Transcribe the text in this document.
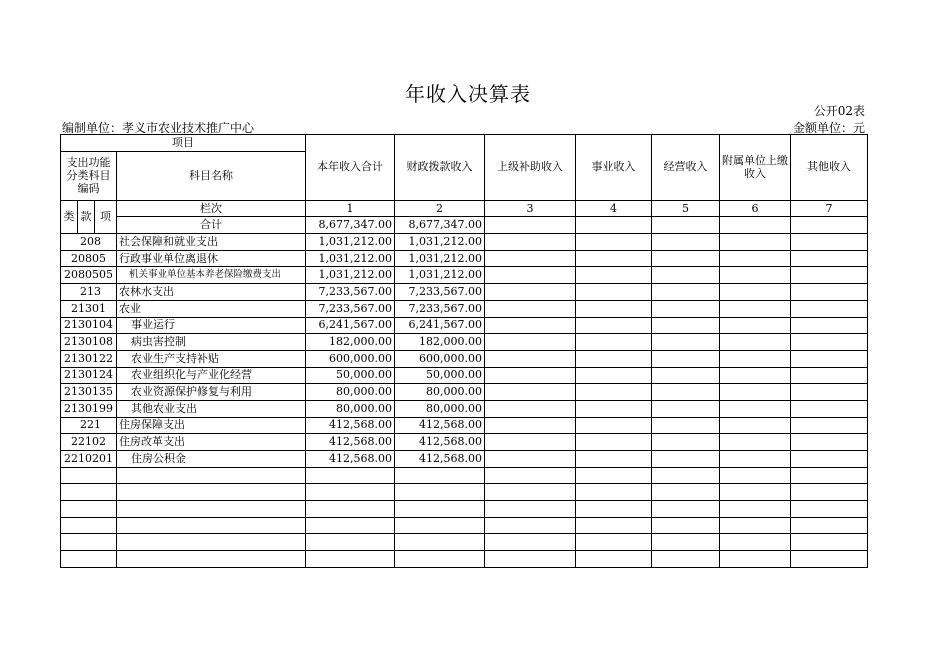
年收入决算表
公开02表
编制单位：孝义市农业技术推广中心	金额单位：元
项目				本年收入合计	财政拨款收入	上级补助收入	事业收入	经营收入	附属单位上缴收入	其他收入
支出功能分类科目编码			科目名称							

类	款	项	栏次	1	2	3	4	5	6	7
			合计	8,677,347.00	8,677,347.00					
208			社会保障和就业支出	1,031,212.00	1,031,212.00					
20805			行政事业单位离退休	1,031,212.00	1,031,212.00					
2080505			机关事业单位基本养老保险缴费支出	1,031,212.00	1,031,212.00					
213			农林水支出	7,233,567.00	7,233,567.00					
21301			农业	7,233,567.00	7,233,567.00					
2130104			事业运行	6,241,567.00	6,241,567.00					
2130108			病虫害控制	182,000.00	182,000.00					
2130122			农业生产支持补贴	600,000.00	600,000.00					
2130124			农业组织化与产业化经营	50,000.00	50,000.00					
2130135			农业资源保护修复与利用	80,000.00	80,000.00					
2130199			其他农业支出	80,000.00	80,000.00					
221			住房保障支出	412,568.00	412,568.00					
22102			住房改革支出	412,568.00	412,568.00					
2210201			住房公积金	412,568.00	412,568.00					
